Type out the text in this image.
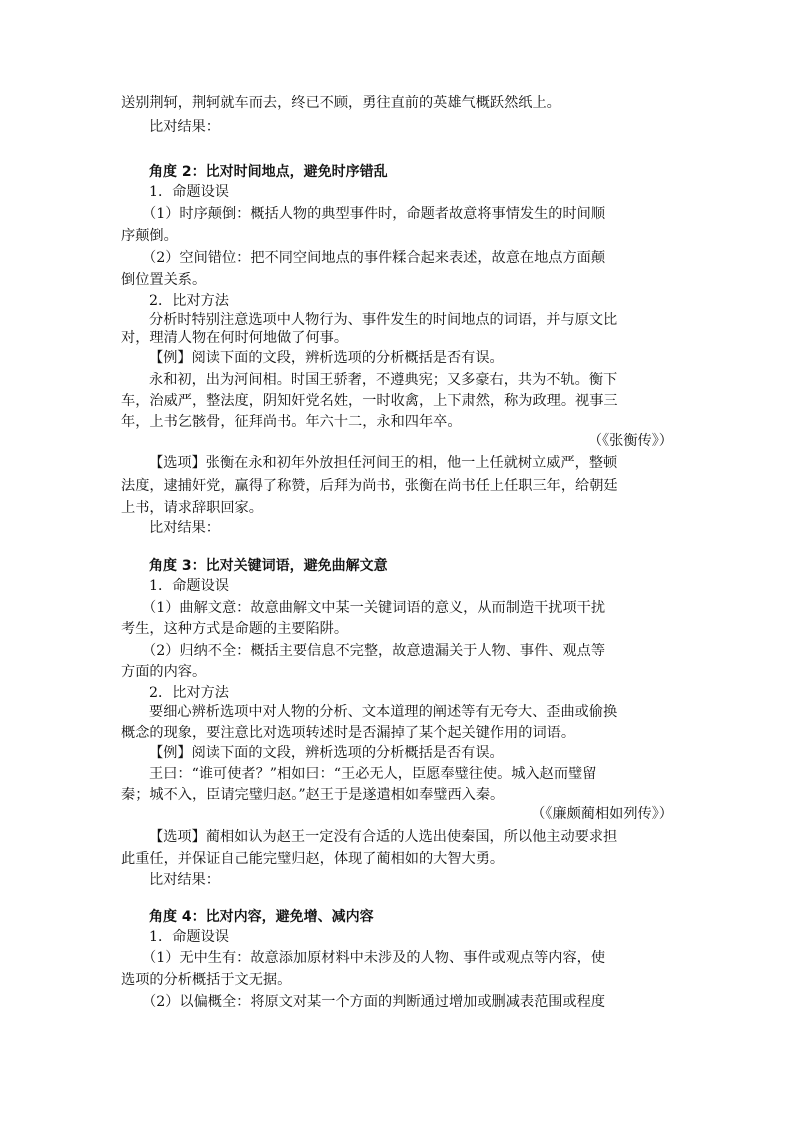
送别荆轲，荆轲就车而去，终已不顾，勇往直前的英雄气概跃然纸上。
比对结果：
角度 2：比对时间地点，避免时序错乱
1．命题设误
（1）时序颠倒：概括人物的典型事件时，命题者故意将事情发生的时间顺
序颠倒。
（2）空间错位：把不同空间地点的事件糅合起来表述，故意在地点方面颠
倒位置关系。
2．比对方法
分析时特别注意选项中人物行为、事件发生的时间地点的词语，并与原文比
对，理清人物在何时何地做了何事。
【例】阅读下面的文段，辨析选项的分析概括是否有误。
永和初，出为河间相。时国王骄奢，不遵典宪；又多豪右，共为不轨。衡下
车，治威严，整法度，阴知奸党名姓，一时收禽，上下肃然，称为政理。视事三
年，上书乞骸骨，征拜尚书。年六十二，永和四年卒。
（《张衡传》）
【选项】张衡在永和初年外放担任河间王的相，他一上任就树立威严，整顿
法度，逮捕奸党，赢得了称赞，后拜为尚书，张衡在尚书任上任职三年，给朝廷
上书，请求辞职回家。
比对结果：
角度 3：比对关键词语，避免曲解文意
1．命题设误
（1）曲解文意：故意曲解文中某一关键词语的意义，从而制造干扰项干扰
考生，这种方式是命题的主要陷阱。
（2）归纳不全：概括主要信息不完整，故意遗漏关于人物、事件、观点等
方面的内容。
2．比对方法
要细心辨析选项中对人物的分析、文本道理的阐述等有无夸大、歪曲或偷换
概念的现象，要注意比对选项转述时是否漏掉了某个起关键作用的词语。
【例】阅读下面的文段，辨析选项的分析概括是否有误。
王曰：“谁可使者？”相如曰：“王必无人，臣愿奉璧往使。城入赵而璧留
秦；城不入，臣请完璧归赵。”赵王于是遂遣相如奉璧西入秦。
（《廉颇蔺相如列传》）
【选项】蔺相如认为赵王一定没有合适的人选出使秦国，所以他主动要求担
此重任，并保证自己能完璧归赵，体现了蔺相如的大智大勇。
比对结果：
角度 4：比对内容，避免增、减内容
1．命题设误
（1）无中生有：故意添加原材料中未涉及的人物、事件或观点等内容，使
选项的分析概括于文无据。
（2）以偏概全：将原文对某一个方面的判断通过增加或删减表范围或程度
